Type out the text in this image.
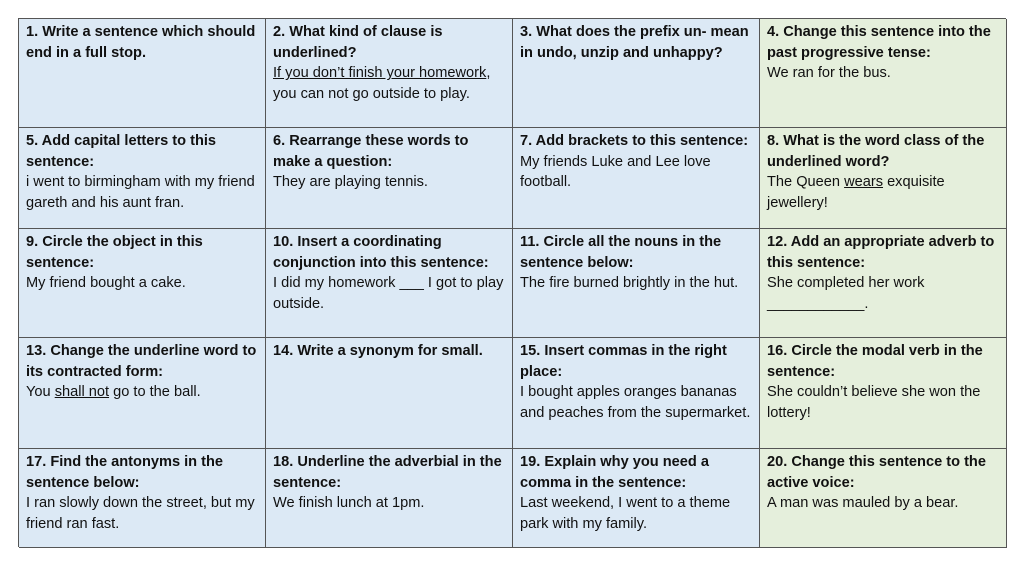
1. Write a sentence which should end in a full stop.
2. What kind of clause is underlined?
If you don’t finish your homework, you can not go outside to play.
3. What does the prefix un- mean in undo, unzip and unhappy?
4. Change this sentence into the past progressive tense:
We ran for the bus.
5. Add capital letters to this sentence:
i went to birmingham with my friend gareth and his aunt fran.
6. Rearrange these words to make a question:
They are playing tennis.
7. Add brackets to this sentence:
My friends Luke and Lee love football.
8. What is the word class of the underlined word?
The Queen wears exquisite jewellery!
9. Circle the object in this sentence:
My friend bought a cake.
10. Insert a coordinating conjunction into this sentence:
I did my homework ___ I got to play outside.
11. Circle all the nouns in the sentence below:
The fire burned brightly in the hut.
12. Add an appropriate adverb to this sentence:
She completed her work ____________.
13. Change the underline word to its contracted form:
You shall not go to the ball.
14. Write a synonym for small.	15. Insert commas in the right place:
I bought apples oranges bananas and peaches from the supermarket.
16. Circle the modal verb in the sentence:
She couldn’t believe she won the lottery!
17. Find the antonyms in the sentence below:
I ran slowly down the street, but my friend ran fast.
18. Underline the adverbial in the sentence:
We finish lunch at 1pm.
19. Explain why you need a comma in the sentence:
Last weekend, I went to a theme park with my family.
20. Change this sentence to the active voice:
A man was mauled by a bear.
